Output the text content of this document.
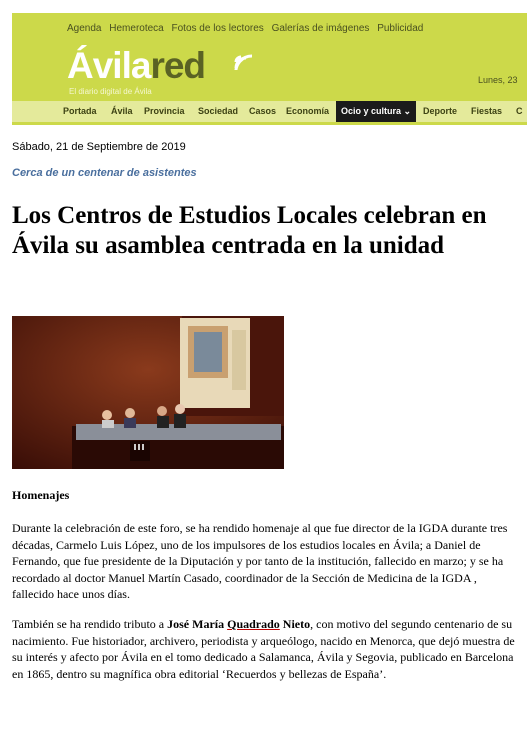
Agenda Hemeroteca Fotos de los lectores Galerías de imágenes Publicidad
Ávilared
El diario digital de Ávila
Lunes, 23
Portada Ávila Provincia Sociedad Casos Economía	Ocio y cultura ⌄	Deporte Fiestas C
Sábado, 21 de Septiembre de 2019
Cerca de un centenar de asistentes
Los Centros de Estudios Locales celebran en Ávila su asamblea centrada en la unidad
Homenajes

Durante la celebración de este foro, se ha rendido homenaje al que fue director de la IGDA durante tres décadas, Carmelo Luis López, uno de los impulsores de los estudios locales en Ávila; a Daniel de Fernando, que fue presidente de la Diputación y por tanto de la institución, fallecido en marzo; y se ha recordado al doctor Manuel Martín Casado, coordinador de la Sección de Medicina de la IGDA , fallecido hace unos días.

También se ha rendido tributo a José María Quadrado Nieto, con motivo del segundo centenario de su nacimiento. Fue historiador, archivero, periodista y arqueólogo, nacido en Menorca, que dejó muestra de su interés y afecto por Ávila en el tomo dedicado a Salamanca, Ávila y Segovia, publicado en Barcelona en 1865, dentro su magnífica obra editorial ‘Recuerdos y bellezas de España’.
